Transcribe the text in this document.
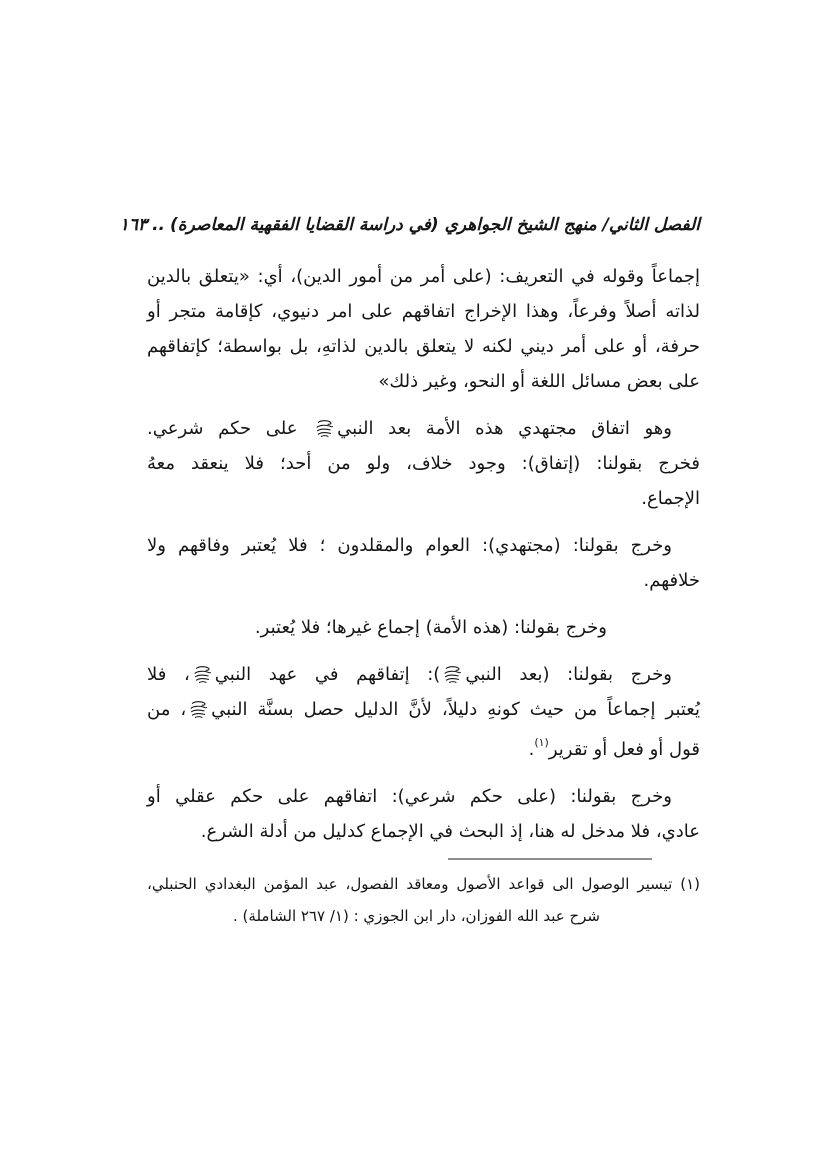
الفصل الثاني/ منهج الشيخ الجواهري (في دراسة القضايا الفقهية المعاصرة)..١٦٣

إجماعاً وقوله في التعريف: (على أمر من أمور الدين)، أي: «يتعلق بالدين
لذاته أصلاً وفرعاً، وهذا الإخراج اتفاقهم على امر دنيوي، كإقامة متجر أو
حرفة، أو على أمر ديني لكنه لا يتعلق بالدين لذاتهِ، بل بواسطة؛ كإتفاقهم
على بعض مسائل اللغة أو النحو، وغير ذلك»

وهو اتفاق مجتهدي هذه الأمة بعد النبي
على حكم شرعي.
فخرج بقولنا: (إتفاق): وجود خلاف، ولو من أحد؛ فلا ينعقد معهُ
الإجماع.

وخرج بقولنا: (مجتهدي): العوام والمقلدون ؛ فلا يُعتبر وفاقهم ولا
خلافهم.

وخرج بقولنا: (هذه الأمة) إجماع غيرها؛ فلا يُعتبر.

وخرج بقولنا: (بعد النبي
): إتفاقهم في عهد النبي
، فلا
يُعتبر إجماعاً من حيث كونهِ دليلاً، لأنَّ الدليل حصل بسنَّة النبي
، من
قول أو فعل أو تقرير$^{(١)}$.

وخرج بقولنا: (على حكم شرعي): اتفاقهم على حكم عقلي أو
عادي، فلا مدخل له هنا، إذ البحث في الإجماع كدليل من أدلة الشرع.

(١) تيسير الوصول الى قواعد الأصول ومعاقد الفصول، عبد المؤمن البغدادي الحنبلي،
شرح عبد الله الفوزان، دار ابن الجوزي : (١/ ٢٦٧ الشاملة) .
